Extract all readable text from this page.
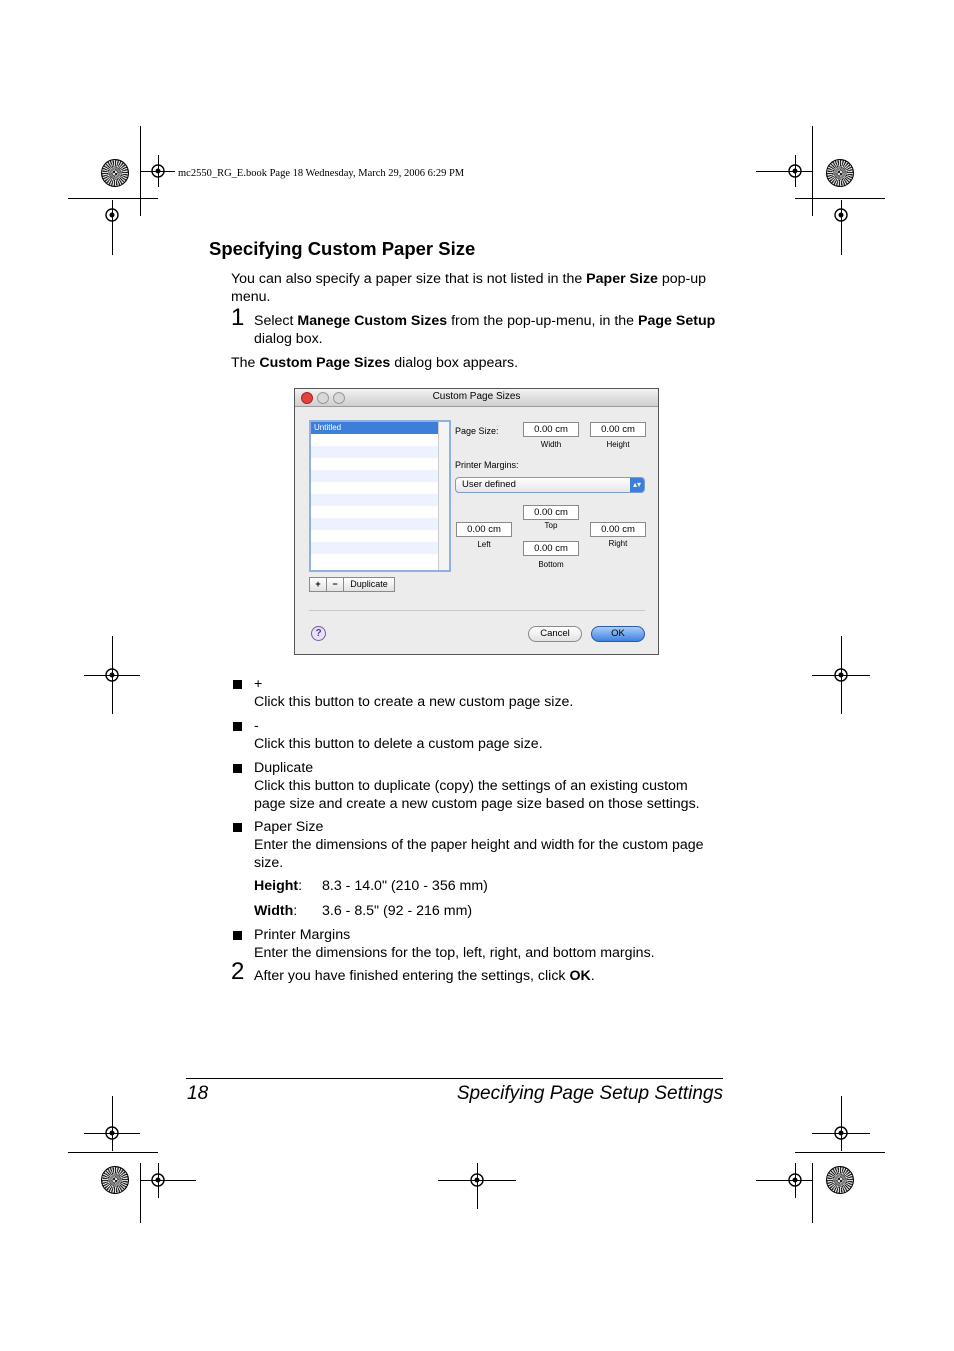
mc2550_RG_E.book Page 18 Wednesday, March 29, 2006 6:29 PM
Specifying Custom Paper Size
You can also specify a paper size that is not listed in the Paper Size pop-up
menu.
1 Select Manege Custom Sizes from the pop-up-menu, in the Page Setup
dialog box.
The Custom Page Sizes dialog box appears.
Custom Page Sizes
Untitled	Page Size:	0.00 cm	0.00 cm
Width	Height
Printer Margins:
User defined	▴▾
0.00 cm
Top
0.00 cm
Left
0.00 cm
Right
0.00 cm
Bottom
+	−	Duplicate
?	Cancel	OK
+
Click this button to create a new custom page size.
-
Click this button to delete a custom page size.
Duplicate
Click this button to duplicate (copy) the settings of an existing custom
page size and create a new custom page size based on those settings.
Paper Size
Enter the dimensions of the paper height and width for the custom page
size.
Height: 8.3 - 14.0" (210 - 356 mm)
Width: 3.6 - 8.5" (92 - 216 mm)
Printer Margins
Enter the dimensions for the top, left, right, and bottom margins.
2 After you have finished entering the settings, click OK.
18	Specifying Page Setup Settings
